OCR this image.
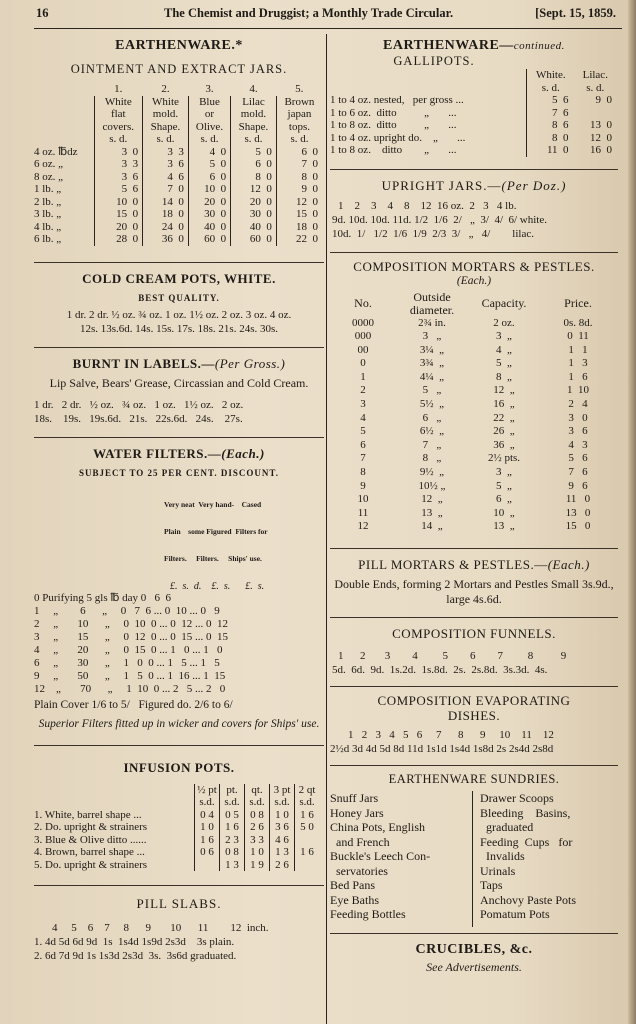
16	The Chemist and Druggist; a Monthly Trade Circular.	[Sept. 15, 1859.
EARTHENWARE.*
OINTMENT AND EXTRACT JARS.
	1.	2.	3.	4.	5.
	White	White	Blue	Lilac	Brown
	flat	mold.	or	mold.	japan
	covers.	Shape.	Olive.	Shape.	tops.
	s. d.	s. d.	s. d.	s. d.	s. d.
4 oz. ℔dz	3  0	3  3	4  0	5  0	6  0
6 oz. „	3  3	3  6	5  0	6  0	7  0
8 oz. „	3  6	4  6	6  0	8  0	8  0
1 lb. „	5  6	7  0	10  0	12  0	9  0
2 lb. „	10  0	14  0	20  0	20  0	12  0
3 lb. „	15  0	18  0	30  0	30  0	15  0
4 lb. „	20  0	24  0	40  0	40  0	18  0
6 lb. „	28  0	36  0	60  0	60  0	22  0
COLD CREAM POTS, WHITE.
BEST QUALITY.
1 dr. 2 dr. ½ oz. ¾ oz. 1 oz. 1½ oz. 2 oz. 3 oz. 4 oz.
12s. 13s.6d. 14s. 15s. 17s. 18s. 21s. 24s. 30s.
BURNT IN LABELS.—(Per Gross.)
Lip Salve, Bears' Grease, Circassian and Cold Cream.
1 dr.   2 dr.   ½ oz.   ¾ oz.   1 oz.   1½ oz.   2 oz.
18s.    19s.   19s.6d.   21s.   22s.6d.   24s.    27s.
WATER FILTERS.—(Each.)
SUBJECT TO 25 PER CENT. DISCOUNT.

Very neat  Very hand-    Cased

Plain    some Figured  Filters for

Filters.     Filters.     Ships' use.

£.  s.  d.    £.  s.      £.  s.
0 Purifying 5 gls ℔ day 0   6  6
1     „        6      „     0   7  6 ... 0  10 ... 0   9
2     „       10      „     0  10  0 ... 0  12 ... 0  12
3     „       15      „     0  12  0 ... 0  15 ... 0  15
4     „       20      „     0  15  0 ... 1   0 ... 1   0
6     „       30      „     1   0  0 ... 1   5 ... 1   5
9     „       50      „     1   5  0 ... 1  16 ... 1  15
12    „       70      „     1  10  0 ... 2   5 ... 2   0
Plain Cover 1/6 to 5/   Figured do. 2/6 to 6/
Superior Filters fitted up in wicker and covers for Ships' use.
INFUSION POTS.
	½ pt	pt.	qt.	3 pt	2 qt
	s.d.	s.d.	s.d.	s.d.	s.d.
1. White, barrel shape ...	0 4	0 5	0 8	1 0	1 6
2. Do. upright & strainers	1 0	1 6	2 6	3 6	5 0
3. Blue & Olive ditto ......	1 6	2 3	3 3	4 6	
4. Brown, barrel shape ...	0 6	0 8	1 0	1 3	1 6
5. Do. upright & strainers		1 3	1 9	2 6	
PILL SLABS.
4     5    6    7     8      9       10      11        12  inch.
1. 4d 5d 6d 9d  1s  1s4d 1s9d 2s3d    3s plain.
2. 6d 7d 9d 1s 1s3d 2s3d  3s.  3s6d graduated.
EARTHENWARE—continued.
GALLIPOTS.
	White.	Lilac.
	s. d.	s. d.
1 to 4 oz. nested,   per gross ...	5  6	9  0
1 to 6 oz.  ditto          „       ...	7  6	
1 to 8 oz.  ditto          „       ...	8  6	13  0
1 to 4 oz. upright do.    „       ...	8  0	12  0
1 to 8 oz.    ditto        „       ...	11  0	16  0
UPRIGHT JARS.—(Per Doz.)
1    2    3    4    8    12  16 oz.  2   3   4 lb.
9d. 10d. 10d. 11d. 1/2  1/6  2/   „  3/  4/  6/ white.
10d.  1/   1/2  1/6  1/9  2/3  3/   „   4/        lilac.
COMPOSITION MORTARS & PESTLES.
(Each.)
No.	Outside diameter.	Capacity.	Price.
0000	2¾ in.	2 oz.	0s. 8d.
000	3   „	3  „	0  11
00	3¼  „	4  „	1   1
0	3¾  „	5  „	1   3
1	4¼  „	8  „	1   6
2	5   „	12  „	1  10
3	5½  „	16  „	2   4
4	6   „	22  „	3   0
5	6½  „	26  „	3   6
6	7   „	36  „	4   3
7	8   „	2½ pts.	5   6
8	9½  „	3  „	7   6
9	10½ „	5  „	9   6
10	12  „	6  „	11   0
11	13  „	10  „	13   0
12	14  „	13  „	15   0
PILL MORTARS & PESTLES.—(Each.)
Double Ends, forming 2 Mortars and Pestles Small 3s.9d., large 4s.6d.
COMPOSITION FUNNELS.
1      2       3        4         5        6        7         8          9
5d.  6d.  9d.  1s.2d.  1s.8d.  2s.  2s.8d.  3s.3d.  4s.
COMPOSITION EVAPORATING DISHES.
1   2   3   4   5   6     7      8      9     10    11    12
2½d 3d 4d 5d 8d 11d 1s1d 1s4d 1s8d 2s 2s4d 2s8d
EARTHENWARE SUNDRIES.
Snuff Jars
Honey Jars
China Pots, English
and French
Buckle's Leech Con-
servatories
Bed Pans
Eye Baths
Feeding Bottles
Drawer Scoops
Bleeding    Basins,
graduated
Feeding  Cups   for
Invalids
Urinals
Taps
Anchovy Paste Pots
Pomatum Pots
CRUCIBLES, &c.
See Advertisements.
